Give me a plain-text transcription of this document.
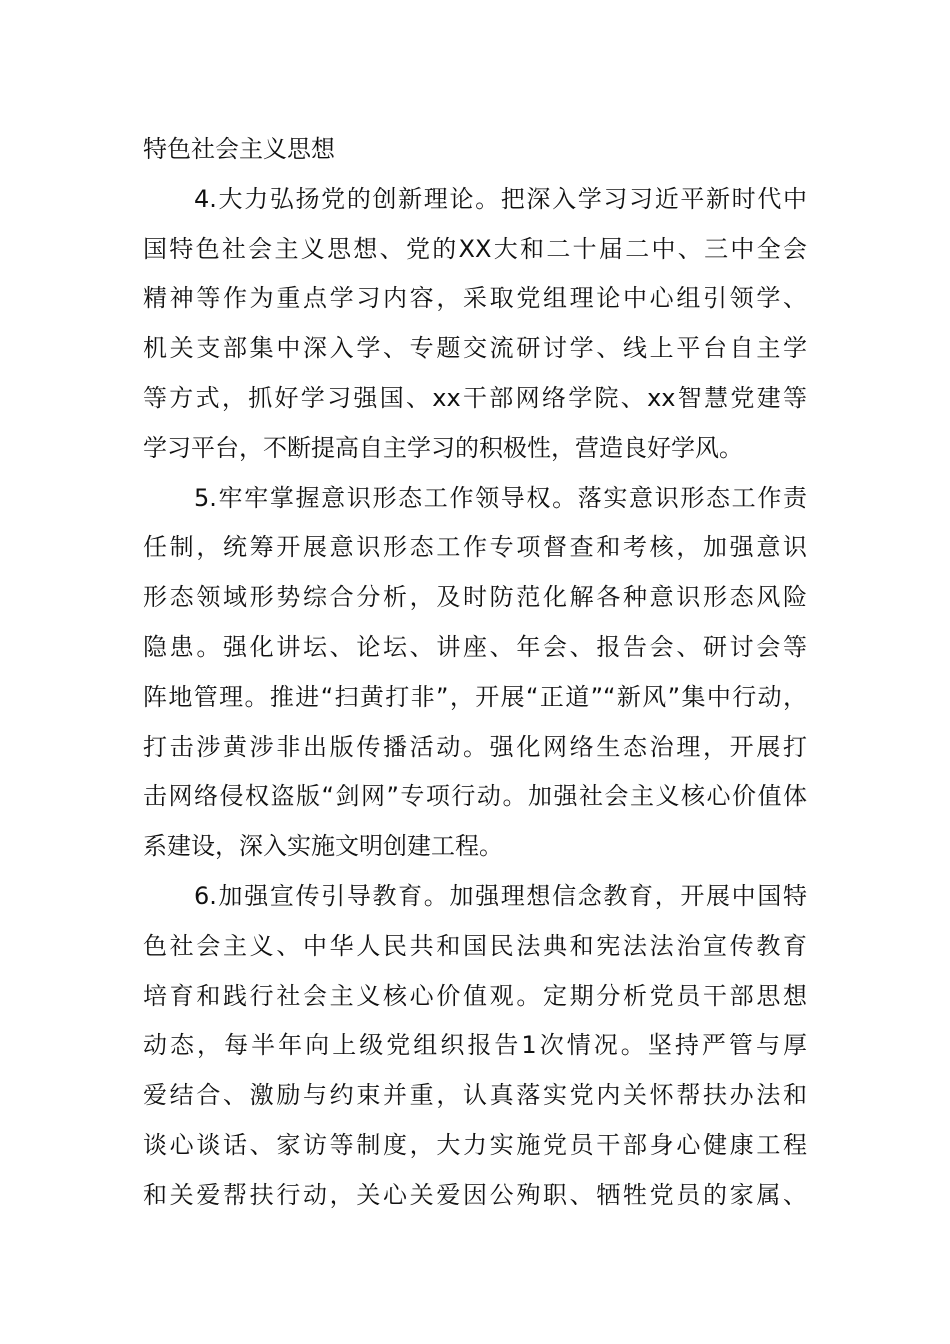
特色社会主义思想
4.大力弘扬党的创新理论。把深入学习习近平新时代中
国特色社会主义思想、党的XX大和二十届二中、三中全会
精神等作为重点学习内容，采取党组理论中心组引领学、
机关支部集中深入学、专题交流研讨学、线上平台自主学
等方式，抓好学习强国、xx干部网络学院、xx智慧党建等
学习平台，不断提高自主学习的积极性，营造良好学风。
5.牢牢掌握意识形态工作领导权。落实意识形态工作责
任制，统筹开展意识形态工作专项督查和考核，加强意识
形态领域形势综合分析，及时防范化解各种意识形态风险
隐患。强化讲坛、论坛、讲座、年会、报告会、研讨会等
阵地管理。推进“扫黄打非”，开展“正道”“新风”集中行动，
打击涉黄涉非出版传播活动。强化网络生态治理，开展打
击网络侵权盗版“剑网”专项行动。加强社会主义核心价值体
系建设，深入实施文明创建工程。
6.加强宣传引导教育。加强理想信念教育，开展中国特
色社会主义、中华人民共和国民法典和宪法法治宣传教育
培育和践行社会主义核心价值观。定期分析党员干部思想
动态，每半年向上级党组织报告1次情况。坚持严管与厚
爱结合、激励与约束并重，认真落实党内关怀帮扶办法和
谈心谈话、家访等制度，大力实施党员干部身心健康工程
和关爱帮扶行动，关心关爱因公殉职、牺牲党员的家属、
